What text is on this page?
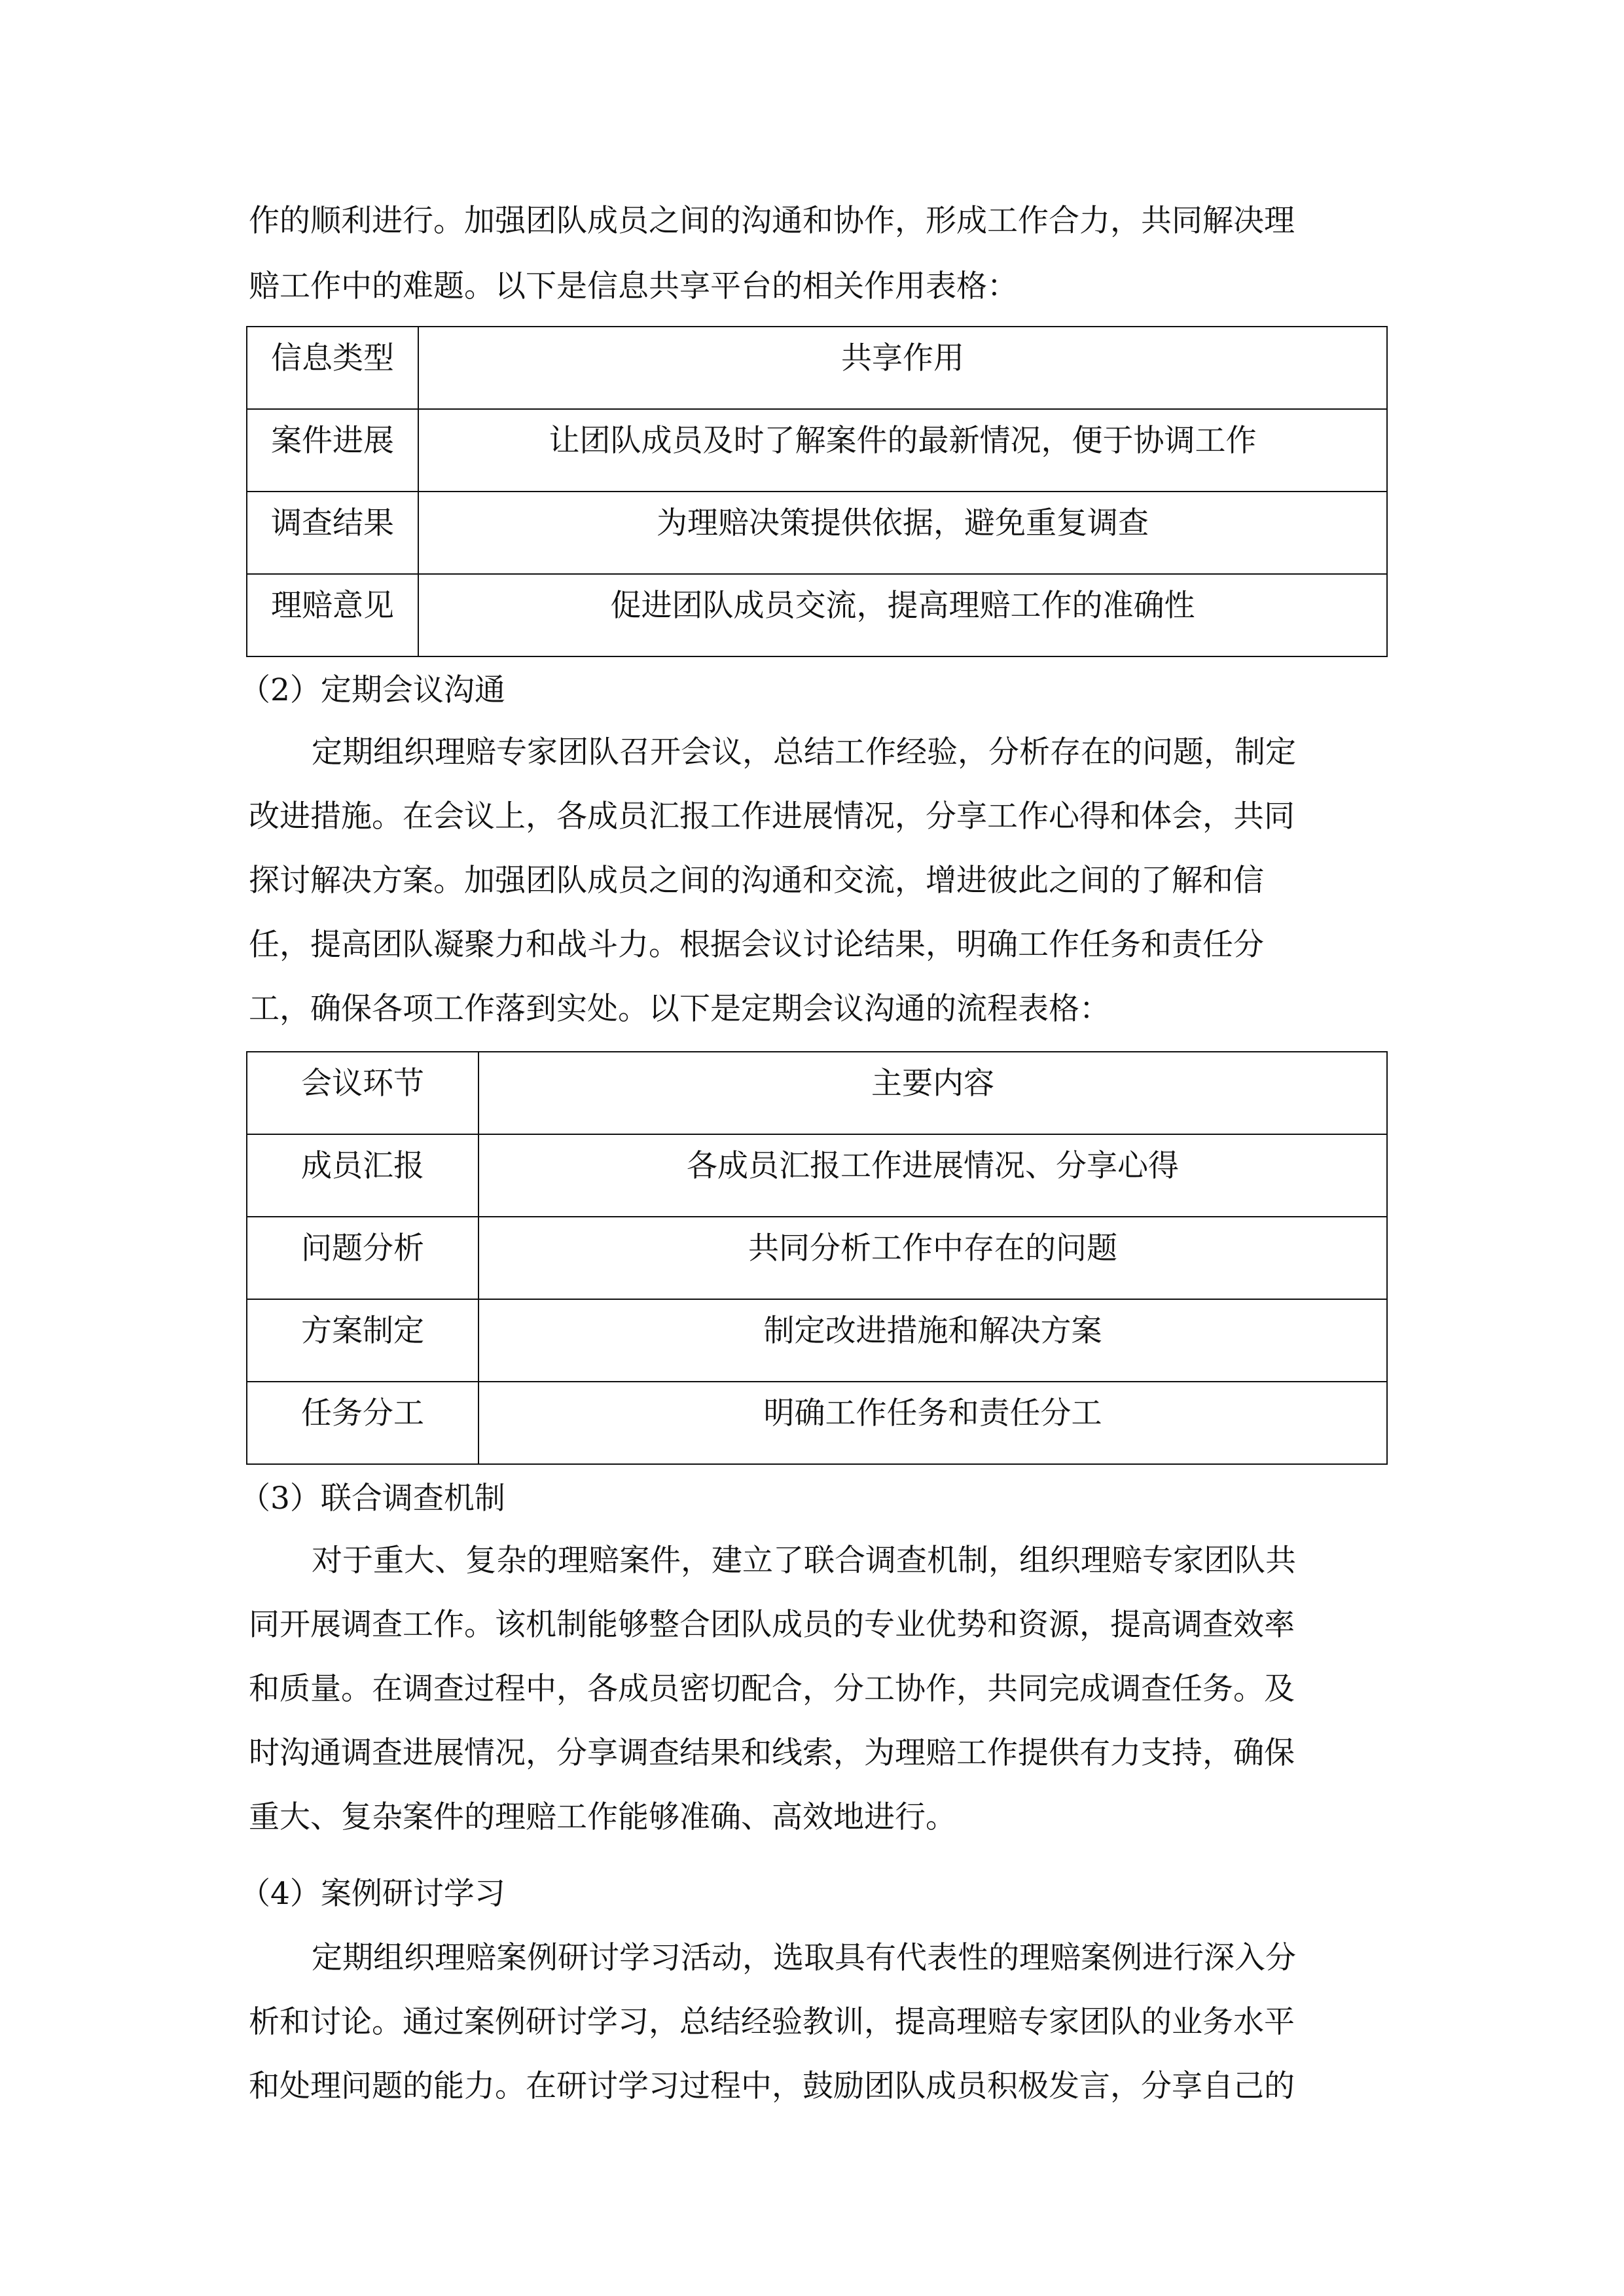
作的顺利进行。加强团队成员之间的沟通和协作，形成工作合力，共同解决理

赔工作中的难题。以下是信息共享平台的相关作用表格：

信息类型	共享作用

案件进展	让团队成员及时了解案件的最新情况，便于协调工作

调查结果	为理赔决策提供依据，避免重复调查

理赔意见	促进团队成员交流，提高理赔工作的准确性

（2）定期会议沟通

定期组织理赔专家团队召开会议，总结工作经验，分析存在的问题，制定

改进措施。在会议上，各成员汇报工作进展情况，分享工作心得和体会，共同

探讨解决方案。加强团队成员之间的沟通和交流，增进彼此之间的了解和信

任，提高团队凝聚力和战斗力。根据会议讨论结果，明确工作任务和责任分

工，确保各项工作落到实处。以下是定期会议沟通的流程表格：

会议环节	主要内容

成员汇报	各成员汇报工作进展情况、分享心得

问题分析	共同分析工作中存在的问题

方案制定	制定改进措施和解决方案

任务分工	明确工作任务和责任分工

（3）联合调查机制

对于重大、复杂的理赔案件，建立了联合调查机制，组织理赔专家团队共

同开展调查工作。该机制能够整合团队成员的专业优势和资源，提高调查效率

和质量。在调查过程中，各成员密切配合，分工协作，共同完成调查任务。及

时沟通调查进展情况，分享调查结果和线索，为理赔工作提供有力支持，确保

重大、复杂案件的理赔工作能够准确、高效地进行。

（4）案例研讨学习

定期组织理赔案例研讨学习活动，选取具有代表性的理赔案例进行深入分

析和讨论。通过案例研讨学习，总结经验教训，提高理赔专家团队的业务水平

和处理问题的能力。在研讨学习过程中，鼓励团队成员积极发言，分享自己的
